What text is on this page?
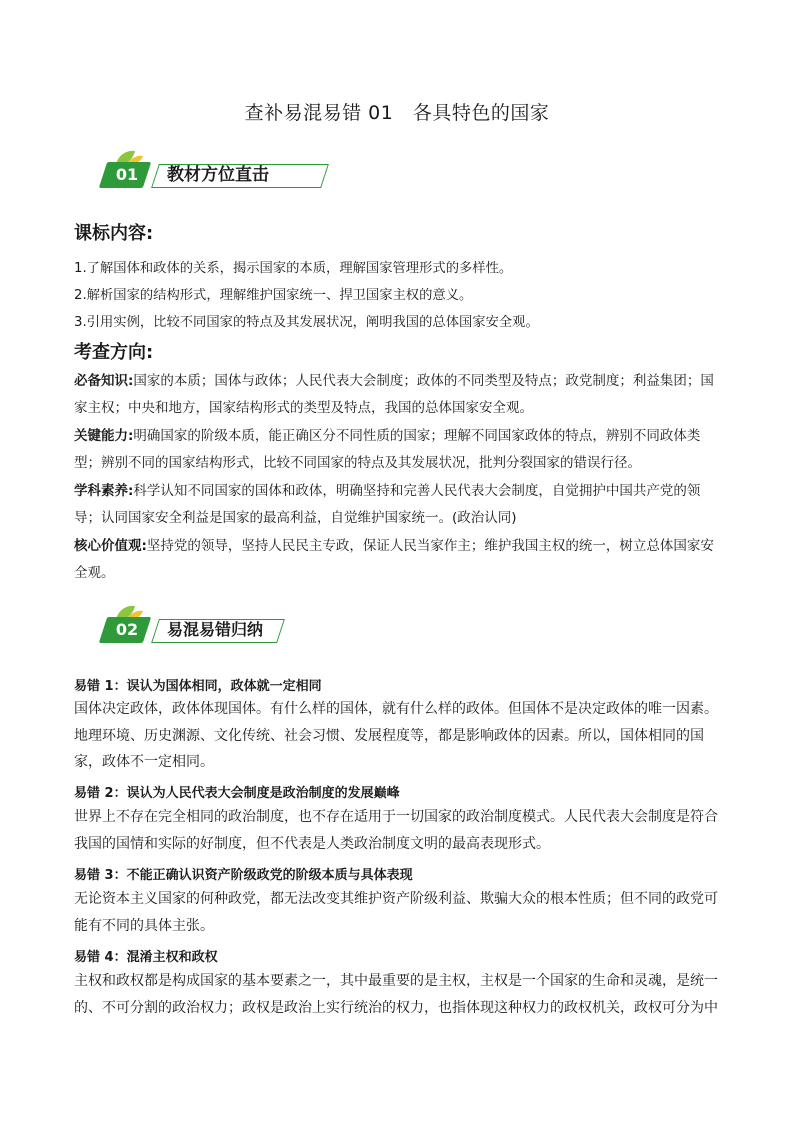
查补易混易错 01　各具特色的国家
01	教材方位直击
课标内容:
1.了解国体和政体的关系，揭示国家的本质，理解国家管理形式的多样性。
2.解析国家的结构形式，理解维护国家统一、捍卫国家主权的意义。
3.引用实例，比较不同国家的特点及其发展状况，阐明我国的总体国家安全观。
考查方向:
必备知识:国家的本质；国体与政体；人民代表大会制度；政体的不同类型及特点；政党制度；利益集团；国家主权；中央和地方，国家结构形式的类型及特点，我国的总体国家安全观。
关键能力:明确国家的阶级本质，能正确区分不同性质的国家；理解不同国家政体的特点，辨别不同政体类型；辨别不同的国家结构形式，比较不同国家的特点及其发展状况，批判分裂国家的错误行径。
学科素养:科学认知不同国家的国体和政体，明确坚持和完善人民代表大会制度，自觉拥护中国共产党的领导；认同国家安全利益是国家的最高利益，自觉维护国家统一。(政治认同)
核心价值观:坚持党的领导，坚持人民民主专政，保证人民当家作主；维护我国主权的统一，树立总体国家安全观。
02	易混易错归纳
易错 1：误认为国体相同，政体就一定相同
国体决定政体，政体体现国体。有什么样的国体，就有什么样的政体。但国体不是决定政体的唯一因素。地理环境、历史渊源、文化传统、社会习惯、发展程度等，都是影响政体的因素。所以，国体相同的国家，政体不一定相同。
易错 2：误认为人民代表大会制度是政治制度的发展巅峰
世界上不存在完全相同的政治制度，也不存在适用于一切国家的政治制度模式。人民代表大会制度是符合我国的国情和实际的好制度，但不代表是人类政治制度文明的最高表现形式。
易错 3：不能正确认识资产阶级政党的阶级本质与具体表现
无论资本主义国家的何种政党，都无法改变其维护资产阶级利益、欺骗大众的根本性质；但不同的政党可能有不同的具体主张。
易错 4：混淆主权和政权
主权和政权都是构成国家的基本要素之一，其中最重要的是主权，主权是一个国家的生命和灵魂，是统一的、不可分割的政治权力；政权是政治上实行统治的权力，也指体现这种权力的政权机关，政权可分为中
